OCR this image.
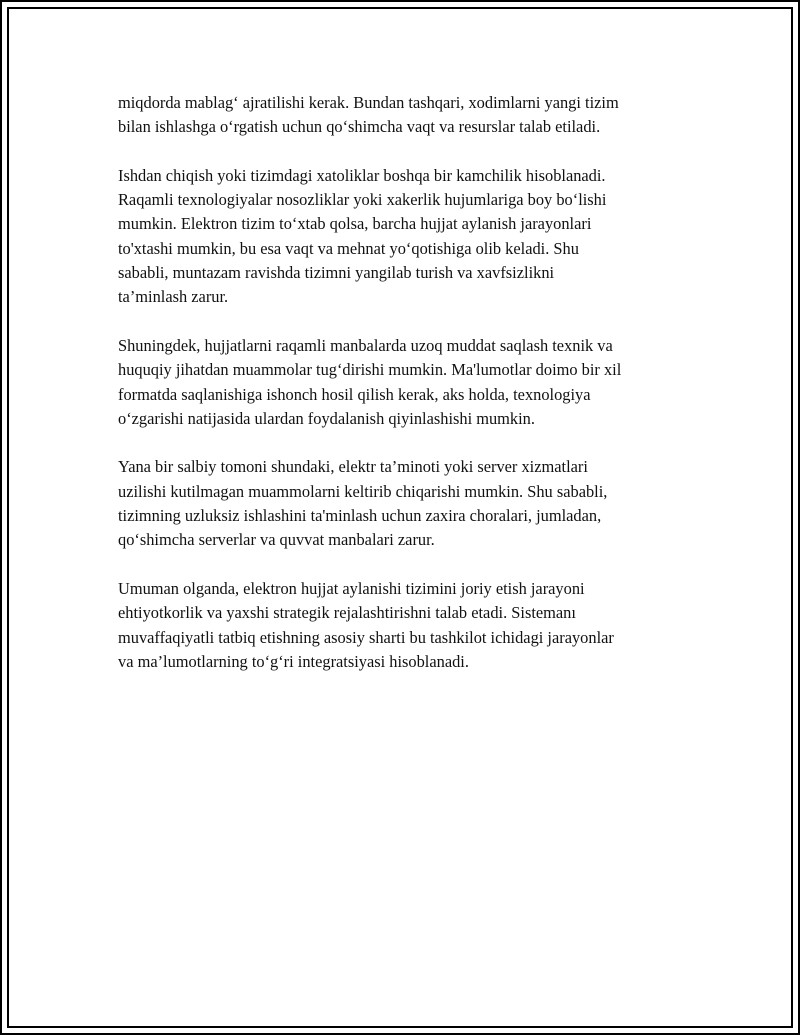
miqdorda mablag‘ ajratilishi kerak. Bundan tashqari, xodimlarni yangi tizim
bilan ishlashga o‘rgatish uchun qo‘shimcha vaqt va resurslar talab etiladi.

Ishdan chiqish yoki tizimdagi xatoliklar boshqa bir kamchilik hisoblanadi.
Raqamli texnologiyalar nosozliklar yoki xakerlik hujumlariga boy bo‘lishi
mumkin. Elektron tizim to‘xtab qolsa, barcha hujjat aylanish jarayonlari
to'xtashi mumkin, bu esa vaqt va mehnat yo‘qotishiga olib keladi. Shu
sababli, muntazam ravishda tizimni yangilab turish va xavfsizlikni
ta’minlash zarur.

Shuningdek, hujjatlarni raqamli manbalarda uzoq muddat saqlash texnik va
huquqiy jihatdan muammolar tug‘dirishi mumkin. Ma'lumotlar doimo bir xil
formatda saqlanishiga ishonch hosil qilish kerak, aks holda, texnologiya
o‘zgarishi natijasida ulardan foydalanish qiyinlashishi mumkin.

Yana bir salbiy tomoni shundaki, elektr ta’minoti yoki server xizmatlari
uzilishi kutilmagan muammolarni keltirib chiqarishi mumkin. Shu sababli,
tizimning uzluksiz ishlashini ta'minlash uchun zaxira choralari, jumladan,
qo‘shimcha serverlar va quvvat manbalari zarur.

Umuman olganda, elektron hujjat aylanishi tizimini joriy etish jarayoni
ehtiyotkorlik va yaxshi strategik rejalashtirishni talab etadi. Sistemanı
muvaffaqiyatli tatbiq etishning asosiy sharti bu tashkilot ichidagi jarayonlar
va ma’lumotlarning to‘g‘ri integratsiyasi hisoblanadi.
